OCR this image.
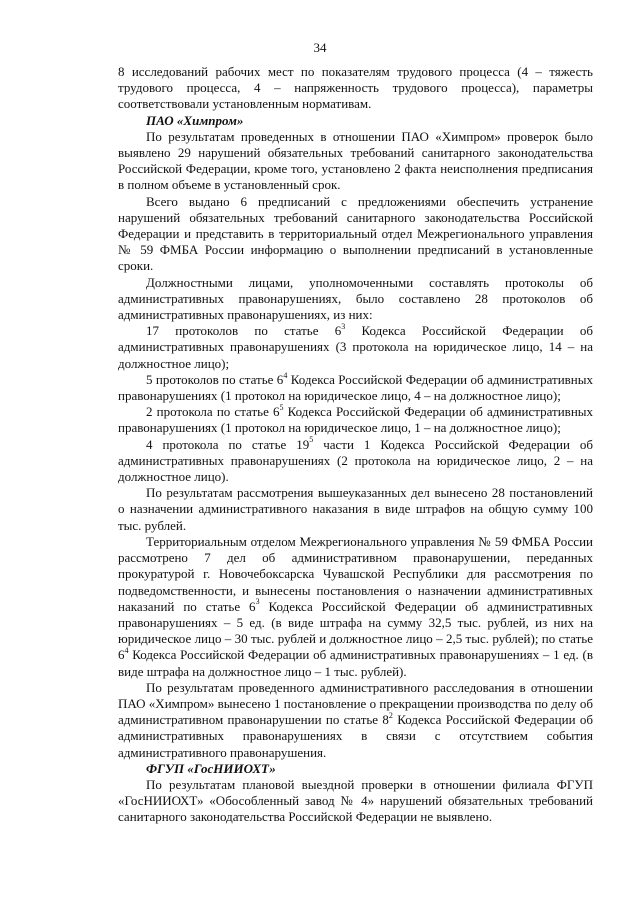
34

8 исследований рабочих мест по показателям трудового процесса (4 – тяжесть трудового процесса, 4 – напряженность трудового процесса), параметры соответствовали установленным нормативам.

ПАО «Химпром»

По результатам проведенных в отношении ПАО «Химпром» проверок было выявлено 29 нарушений обязательных требований санитарного законодательства Российской Федерации, кроме того, установлено 2 факта неисполнения предписания в полном объеме в установленный срок.

Всего выдано 6 предписаний с предложениями обеспечить устранение нарушений обязательных требований санитарного законодательства Российской Федерации и представить в территориальный отдел Межрегионального управления № 59 ФМБА России информацию о выполнении предписаний в установленные сроки.

Должностными лицами, уполномоченными составлять протоколы об административных правонарушениях, было составлено 28 протоколов об административных правонарушениях, из них:

17 протоколов по статье $6^3$ Кодекса Российской Федерации об административных правонарушениях (3 протокола на юридическое лицо, 14 – на должностное лицо);

5 протоколов по статье $6^4$ Кодекса Российской Федерации об административных правонарушениях (1 протокол на юридическое лицо, 4 – на должностное лицо);

2 протокола по статье $6^5$ Кодекса Российской Федерации об административных правонарушениях (1 протокол на юридическое лицо, 1 – на должностное лицо);

4 протокола по статье $19^5$ части 1 Кодекса Российской Федерации об административных правонарушениях (2 протокола на юридическое лицо, 2 – на должностное лицо).

По результатам рассмотрения вышеуказанных дел вынесено 28 постановлений о назначении административного наказания в виде штрафов на общую сумму 100 тыс. рублей.

Территориальным отделом Межрегионального управления № 59 ФМБА России рассмотрено 7 дел об административном правонарушении, переданных прокуратурой г. Новочебоксарска Чувашской Республики для рассмотрения по подведомственности, и вынесены постановления о назначении административных наказаний по статье $6^3$ Кодекса Российской Федерации об административных правонарушениях – 5 ед. (в виде штрафа на сумму 32,5 тыс. рублей, из них на юридическое лицо – 30 тыс. рублей и должностное лицо – 2,5 тыс. рублей); по статье $6^4$ Кодекса Российской Федерации об административных правонарушениях – 1 ед. (в виде штрафа на должностное лицо – 1 тыс. рублей).

По результатам проведенного административного расследования в отношении ПАО «Химпром» вынесено 1 постановление о прекращении производства по делу об административном правонарушении по статье $8^2$ Кодекса Российской Федерации об административных правонарушениях в связи с отсутствием события административного правонарушения.

ФГУП «ГосНИИОХТ»

По результатам плановой выездной проверки в отношении филиала ФГУП «ГосНИИОХТ» «Обособленный завод № 4» нарушений обязательных требований санитарного законодательства Российской Федерации не выявлено.
